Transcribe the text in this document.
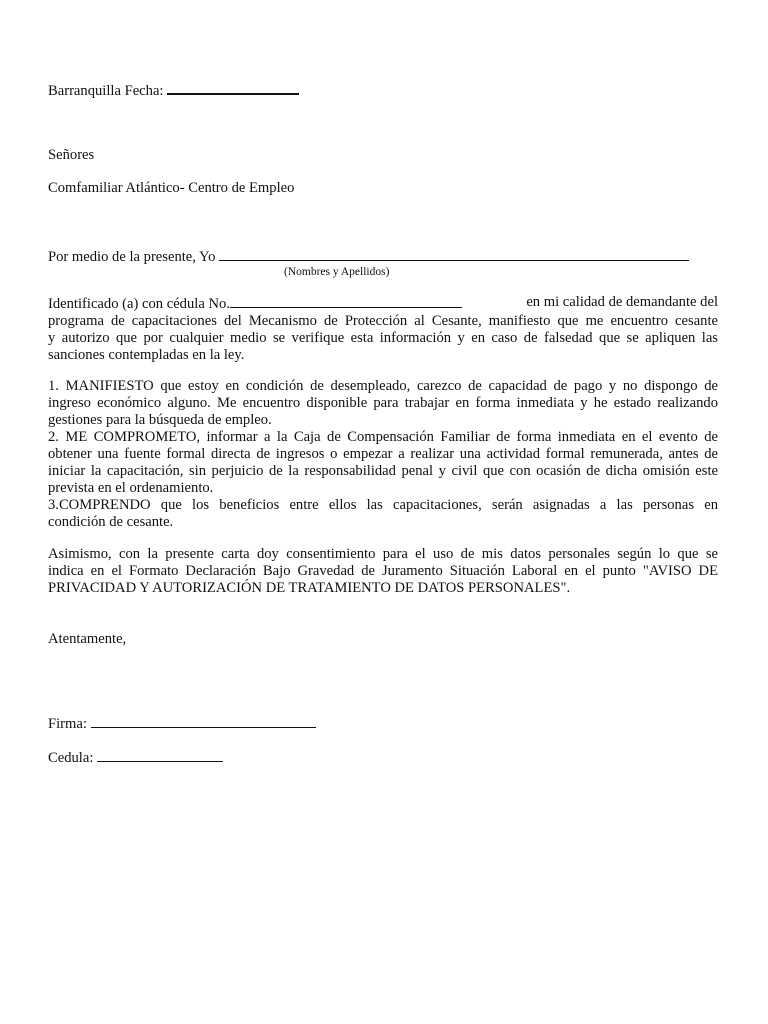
Barranquilla Fecha:
Señores
Comfamiliar Atlántico- Centro de Empleo
Por medio de la presente, Yo
(Nombres y Apellidos)
Identificado (a) con cédula No.	en mi calidad de demandante del
programa de capacitaciones del Mecanismo de Protección al Cesante, manifiesto que me encuentro cesante
y autorizo que por cualquier medio se verifique esta información y en caso de falsedad que se apliquen las
sanciones contempladas en la ley.
1. MANIFIESTO que estoy en condición de desempleado, carezco de capacidad de pago y no dispongo de
ingreso económico alguno. Me encuentro disponible para trabajar en forma inmediata y he estado realizando
gestiones para la búsqueda de empleo.
2. ME COMPROMETO, informar a la Caja de Compensación Familiar de forma inmediata en el evento de
obtener una fuente formal directa de ingresos o empezar a realizar una actividad formal remunerada, antes de
iniciar la capacitación, sin perjuicio de la responsabilidad penal y civil que con ocasión de dicha omisión este
prevista en el ordenamiento.
3.COMPRENDO que los beneficios entre ellos las capacitaciones, serán asignadas a las personas en
condición de cesante.
Asimismo, con la presente carta doy consentimiento para el uso de mis datos personales según lo que se
indica en el Formato Declaración Bajo Gravedad de Juramento Situación Laboral en el punto "AVISO DE
PRIVACIDAD Y AUTORIZACIÓN DE TRATAMIENTO DE DATOS PERSONALES".
Atentamente,
Firma:
Cedula:
